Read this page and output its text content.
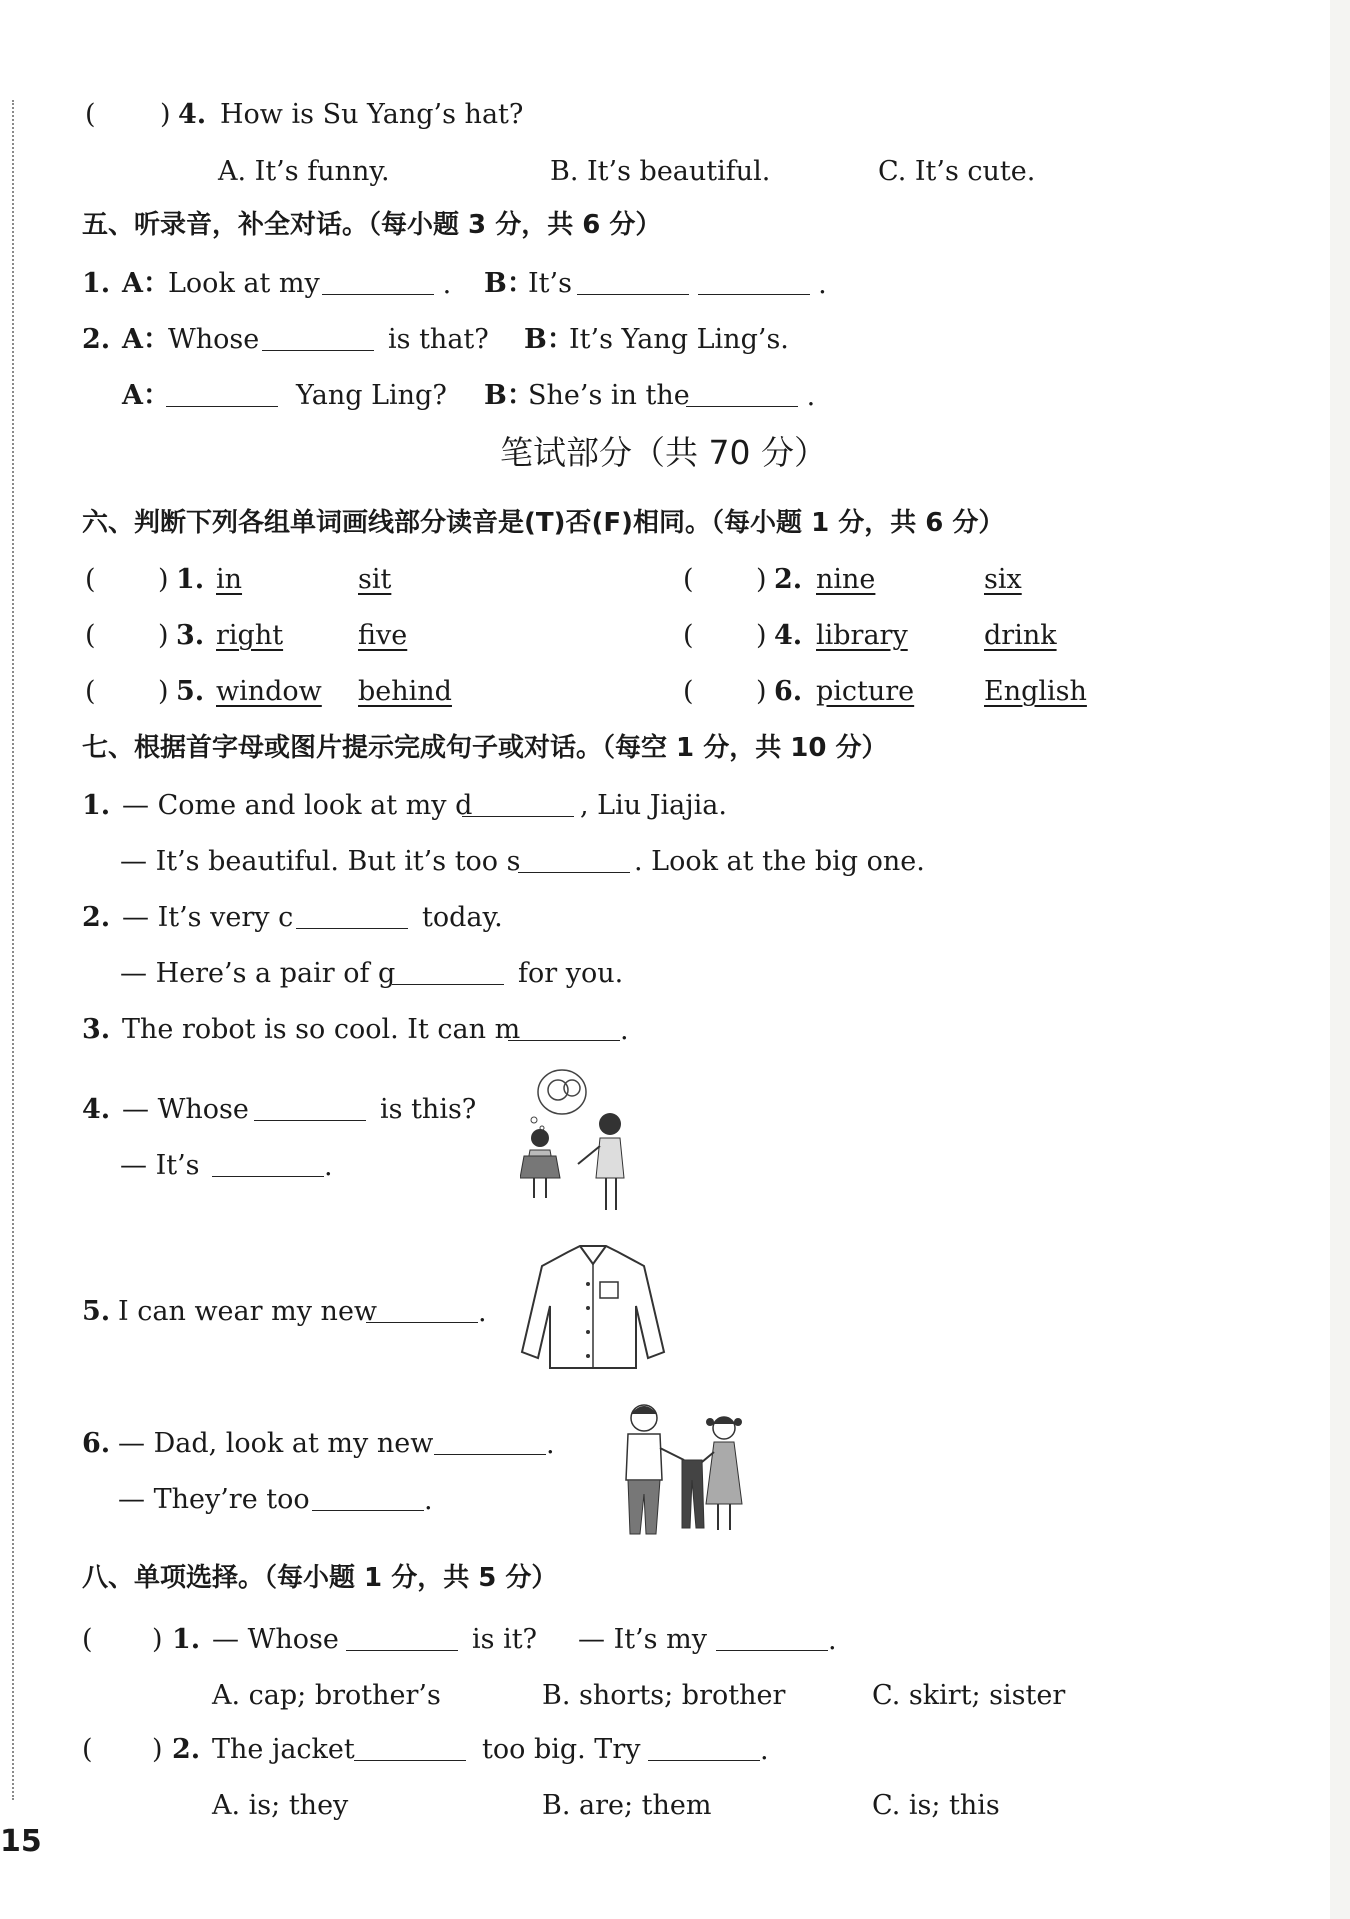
( ) 4. How is Su Yang’s hat?
A. It’s funny.	B. It’s beautiful.	C. It’s cute.
五、听录音，补全对话。（每小题 3 分，共 6 分）
1. A：
Look at my	. B：
It’s	.
2. A：
Whose	is that? B：
It’s Yang Ling’s.
A：	Yang Ling? B：
She’s in the	.
笔试部分（共 70 分）
六、判断下列各组单词画线部分读音是(T)否(F)相同。（每小题 1 分，共 6 分）
( ) 1. in	sit	( ) 2. nine	six
( ) 3. right	five	( ) 4. library	drink
( ) 5. window behind	( ) 6. picture	English
七、根据首字母或图片提示完成句子或对话。（每空 1 分，共 10 分）
1. — Come and look at my d	, Liu Jiajia.
— It’s beautiful. But it’s too s	. Look at the big one.
2. — It’s very c	today.
— Here’s a pair of g	for you.
3. The robot is so cool. It can m	.
4. — Whose	is this?
— It’s	.
5. I can wear my new	.
6. — Dad, look at my new	.
— They’re too	.
八、单项选择。（每小题 1 分，共 5 分）
( ) 1. — Whose	is it? — It’s my	.
A. cap; brother’s	B. shorts; brother	C. skirt; sister
( ) 2. The jacket	too big. Try	.
A. is; they	B. are; them	C. is; this
15
